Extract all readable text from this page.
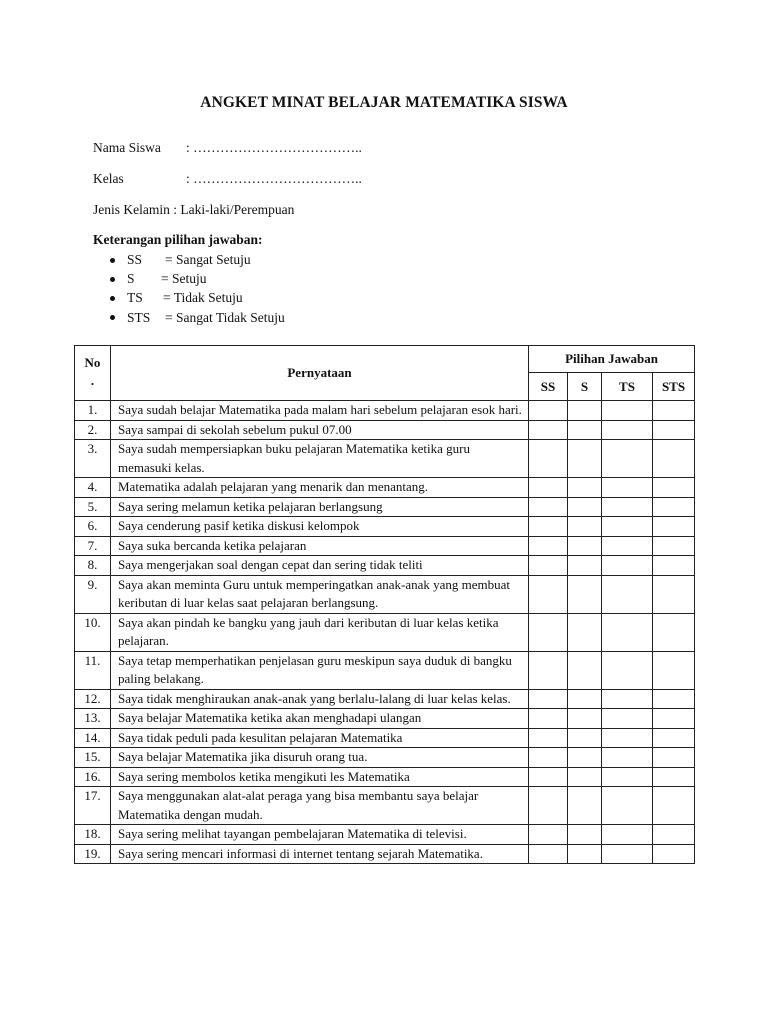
ANGKET MINAT BELAJAR MATEMATIKA SISWA
Nama Siswa : ………………………………..
Kelas	: ………………………………..
Jenis Kelamin : Laki-laki/Perempuan
Keterangan pilihan jawaban:
SS = Sangat Setuju
S = Setuju
TS = Tidak Setuju
STS = Sangat Tidak Setuju
No
.	Pernyataan	Pilihan Jawaban			
		SS	S	TS	STS
1.	Saya sudah belajar Matematika pada malam hari sebelum pelajaran esok hari.				
2.	Saya sampai di sekolah sebelum pukul 07.00				
3.	Saya sudah mempersiapkan buku pelajaran Matematika ketika guru memasuki kelas.				
4.	Matematika adalah pelajaran yang menarik dan menantang.				
5.	Saya sering melamun ketika pelajaran berlangsung				
6.	Saya cenderung pasif ketika diskusi kelompok				
7.	Saya suka bercanda ketika pelajaran				
8.	Saya mengerjakan soal dengan cepat dan sering tidak teliti				
9.	Saya akan meminta Guru untuk memperingatkan anak-anak yang membuat keributan di luar kelas saat pelajaran berlangsung.				
10.	Saya akan pindah ke bangku yang jauh dari keributan di luar kelas ketika pelajaran.				
11.	Saya tetap memperhatikan penjelasan guru meskipun saya duduk di bangku paling belakang.				
12.	Saya tidak menghiraukan anak-anak yang berlalu-lalang di luar kelas kelas.				
13.	Saya belajar Matematika ketika akan menghadapi ulangan				
14.	Saya tidak peduli pada kesulitan pelajaran Matematika				
15.	Saya belajar Matematika jika disuruh orang tua.				
16.	Saya sering membolos ketika mengikuti les Matematika				
17.	Saya menggunakan alat-alat peraga yang bisa membantu saya belajar Matematika dengan mudah.				
18.	Saya sering melihat tayangan pembelajaran Matematika di televisi.				
19.	Saya sering mencari informasi di internet tentang sejarah Matematika.				
